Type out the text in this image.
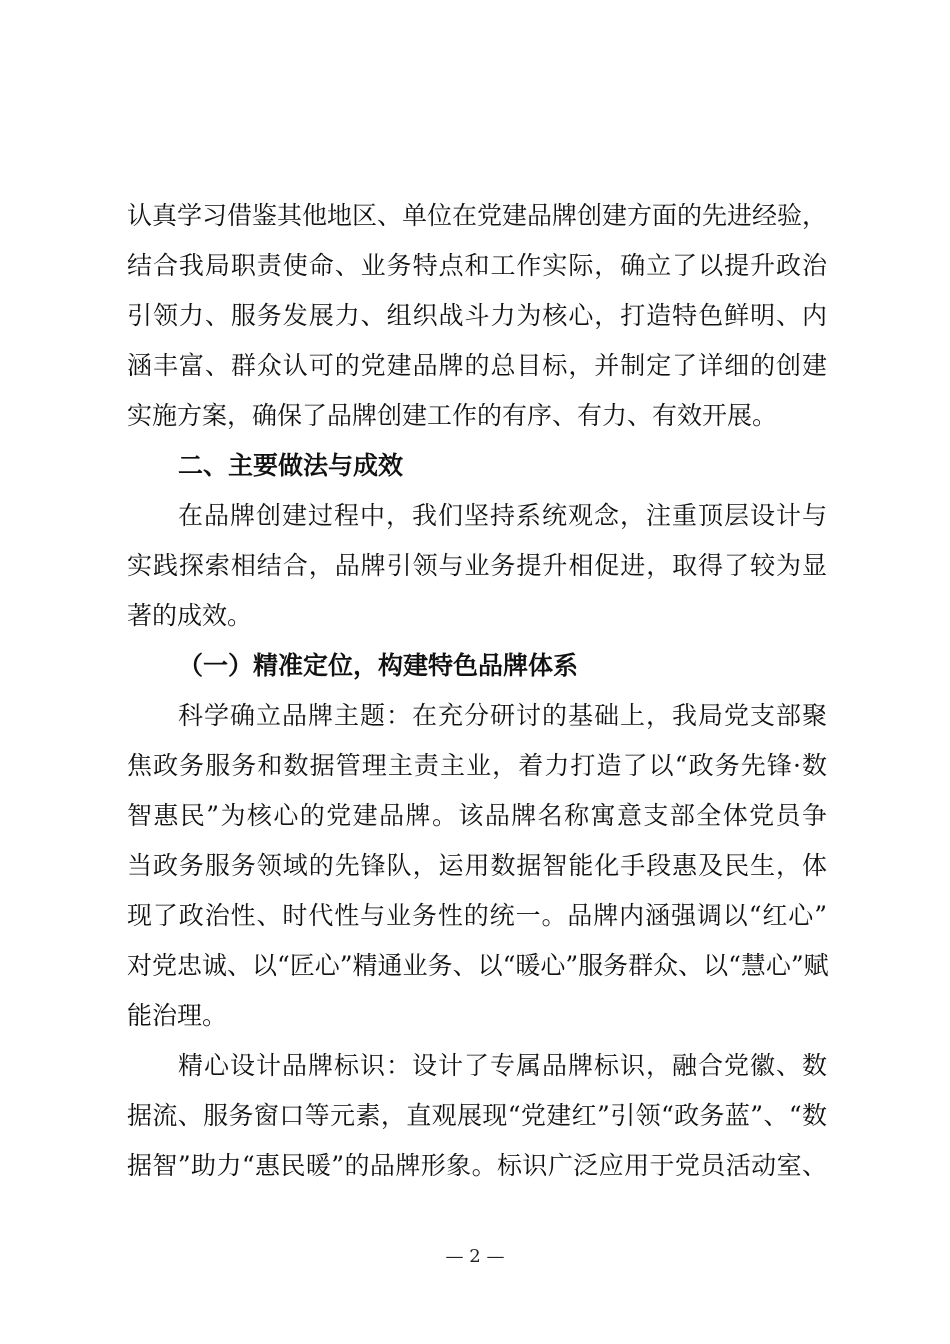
认真学习借鉴其他地区、单位在党建品牌创建方面的先进经验，
结合我局职责使命、业务特点和工作实际，确立了以提升政治
引领力、服务发展力、组织战斗力为核心，打造特色鲜明、内
涵丰富、群众认可的党建品牌的总目标，并制定了详细的创建
实施方案，确保了品牌创建工作的有序、有力、有效开展。
二、主要做法与成效
在品牌创建过程中，我们坚持系统观念，注重顶层设计与
实践探索相结合，品牌引领与业务提升相促进，取得了较为显
著的成效。
（一）精准定位，构建特色品牌体系
科学确立品牌主题：在充分研讨的基础上，我局党支部聚
焦政务服务和数据管理主责主业，着力打造了以“政务先锋·数
智惠民”为核心的党建品牌。该品牌名称寓意支部全体党员争
当政务服务领域的先锋队，运用数据智能化手段惠及民生，体
现了政治性、时代性与业务性的统一。品牌内涵强调以“红心”
对党忠诚、以“匠心”精通业务、以“暖心”服务群众、以“慧心”赋
能治理。
精心设计品牌标识：设计了专属品牌标识，融合党徽、数
据流、服务窗口等元素，直观展现“党建红”引领“政务蓝”、“数
据智”助力“惠民暖”的品牌形象。标识广泛应用于党员活动室、
— 2 —
